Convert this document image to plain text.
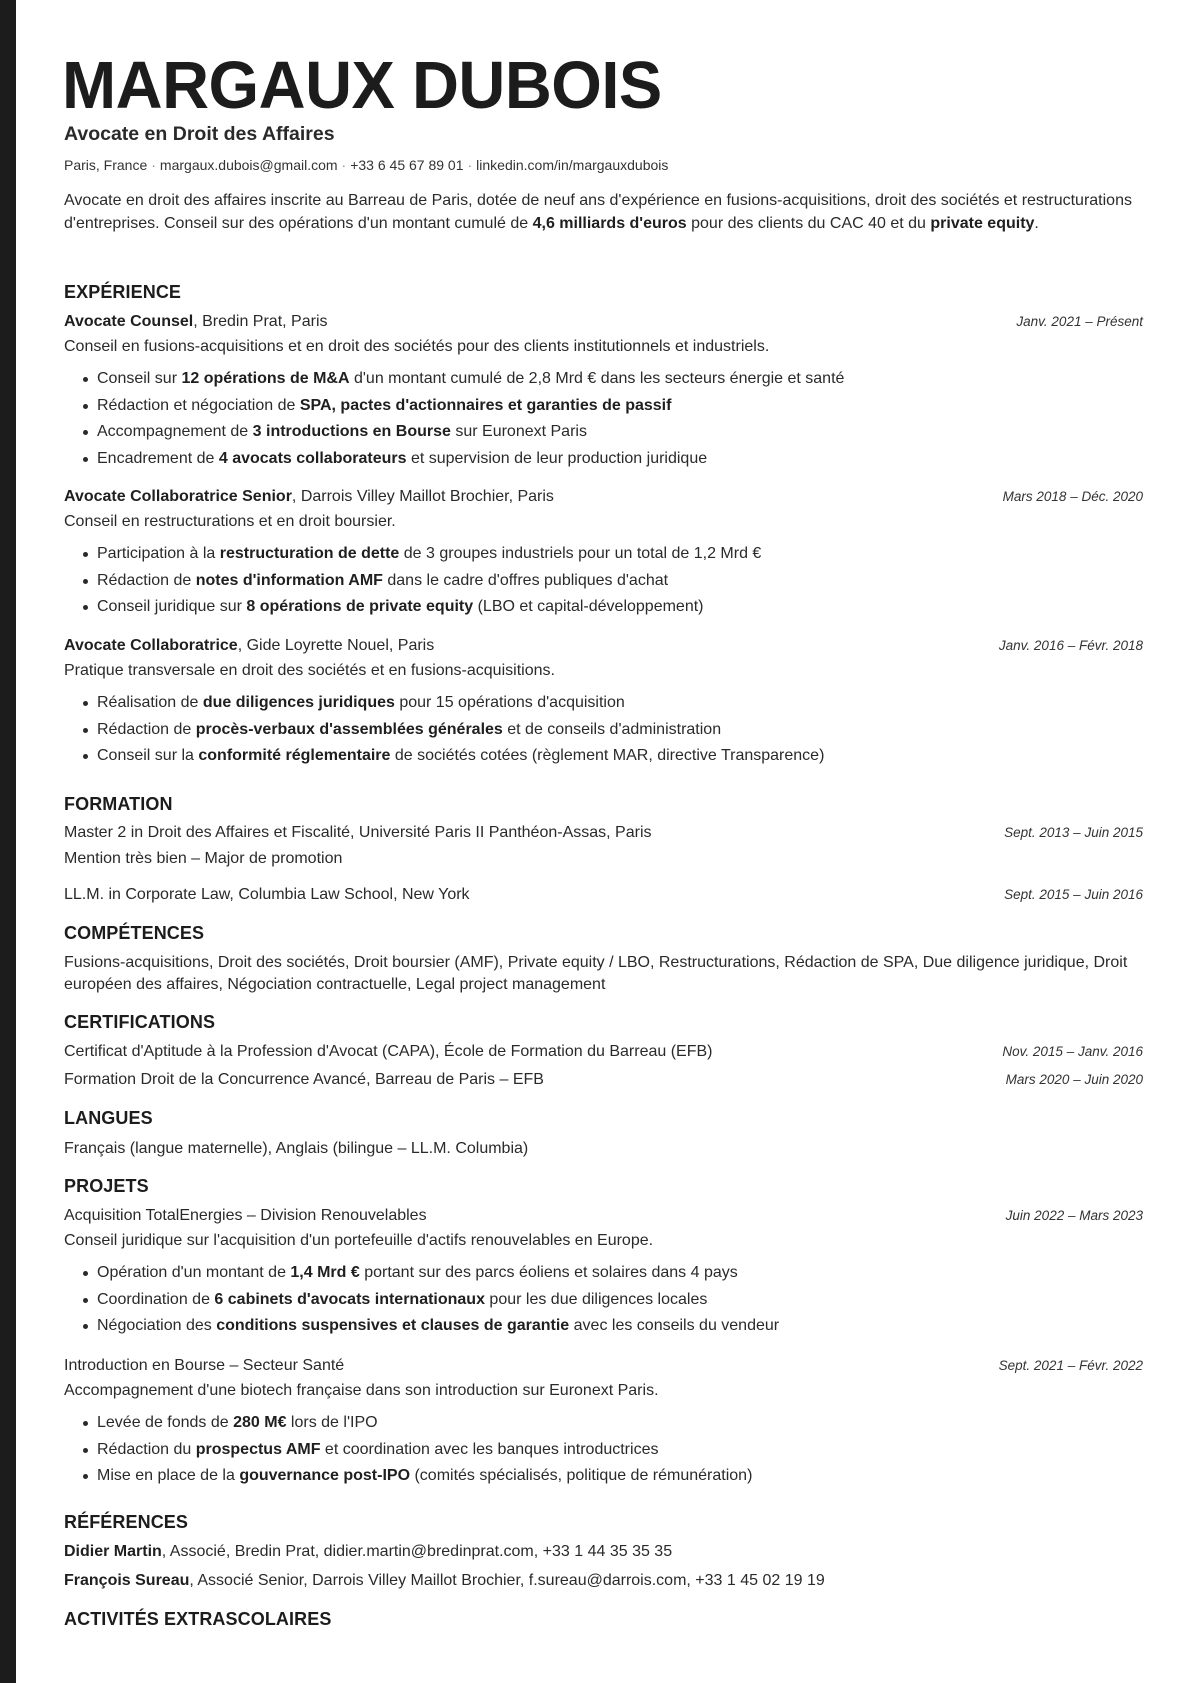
MARGAUX DUBOIS
Avocate en Droit des Affaires
Paris, France · margaux.dubois@gmail.com · +33 6 45 67 89 01 · linkedin.com/in/margauxdubois

Avocate en droit des affaires inscrite au Barreau de Paris, dotée de neuf ans d'expérience en fusions-acquisitions, droit des sociétés et restructurations d'entreprises. Conseil sur des opérations d'un montant cumulé de 4,6 milliards d'euros pour des clients du CAC 40 et du private equity.

EXPÉRIENCE
Avocate Counsel, Bredin Prat, Paris	Janv. 2021 – Présent
Conseil en fusions-acquisitions et en droit des sociétés pour des clients institutionnels et industriels.
Conseil sur 12 opérations de M&A d'un montant cumulé de 2,8 Mrd € dans les secteurs énergie et santé
Rédaction et négociation de SPA, pactes d'actionnaires et garanties de passif
Accompagnement de 3 introductions en Bourse sur Euronext Paris
Encadrement de 4 avocats collaborateurs et supervision de leur production juridique
Avocate Collaboratrice Senior, Darrois Villey Maillot Brochier, Paris	Mars 2018 – Déc. 2020
Conseil en restructurations et en droit boursier.
Participation à la restructuration de dette de 3 groupes industriels pour un total de 1,2 Mrd €
Rédaction de notes d'information AMF dans le cadre d'offres publiques d'achat
Conseil juridique sur 8 opérations de private equity (LBO et capital-développement)
Avocate Collaboratrice, Gide Loyrette Nouel, Paris	Janv. 2016 – Févr. 2018
Pratique transversale en droit des sociétés et en fusions-acquisitions.
Réalisation de due diligences juridiques pour 15 opérations d'acquisition
Rédaction de procès-verbaux d'assemblées générales et de conseils d'administration
Conseil sur la conformité réglementaire de sociétés cotées (règlement MAR, directive Transparence)
FORMATION
Master 2 in Droit des Affaires et Fiscalité, Université Paris II Panthéon-Assas, Paris	Sept. 2013 – Juin 2015
Mention très bien – Major de promotion
LL.M. in Corporate Law, Columbia Law School, New York	Sept. 2015 – Juin 2016
COMPÉTENCES

Fusions-acquisitions, Droit des sociétés, Droit boursier (AMF), Private equity / LBO, Restructurations, Rédaction de SPA, Due diligence juridique, Droit européen des affaires, Négociation contractuelle, Legal project management

CERTIFICATIONS
Certificat d'Aptitude à la Profession d'Avocat (CAPA), École de Formation du Barreau (EFB)	Nov. 2015 – Janv. 2016
Formation Droit de la Concurrence Avancé, Barreau de Paris – EFB	Mars 2020 – Juin 2020
LANGUES

Français (langue maternelle), Anglais (bilingue – LL.M. Columbia)

PROJETS
Acquisition TotalEnergies – Division Renouvelables	Juin 2022 – Mars 2023
Conseil juridique sur l'acquisition d'un portefeuille d'actifs renouvelables en Europe.
Opération d'un montant de 1,4 Mrd € portant sur des parcs éoliens et solaires dans 4 pays
Coordination de 6 cabinets d'avocats internationaux pour les due diligences locales
Négociation des conditions suspensives et clauses de garantie avec les conseils du vendeur
Introduction en Bourse – Secteur Santé	Sept. 2021 – Févr. 2022
Accompagnement d'une biotech française dans son introduction sur Euronext Paris.
Levée de fonds de 280 M€ lors de l'IPO
Rédaction du prospectus AMF et coordination avec les banques introductrices
Mise en place de la gouvernance post-IPO (comités spécialisés, politique de rémunération)
RÉFÉRENCES

Didier Martin, Associé, Bredin Prat, didier.martin@bredinprat.com, +33 1 44 35 35 35

François Sureau, Associé Senior, Darrois Villey Maillot Brochier, f.sureau@darrois.com, +33 1 45 02 19 19

ACTIVITÉS EXTRASCOLAIRES
